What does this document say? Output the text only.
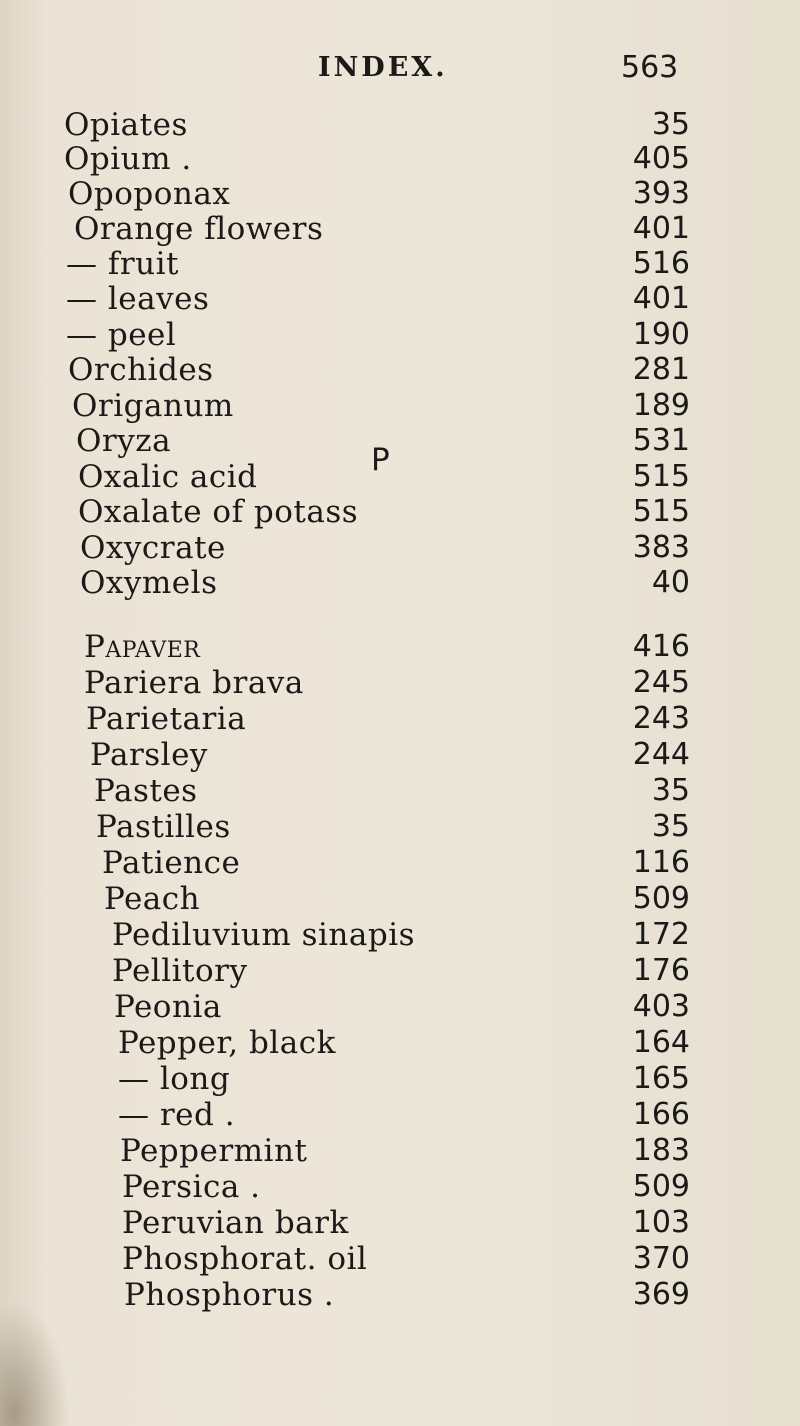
INDEX.	563
P
Opiates	35
Opium .	405
Opoponax	393
Orange flowers	401
— fruit	516
— leaves	401
— peel	190
Orchides	281
Origanum	189
Oryza	531
Oxalic acid	515
Oxalate of potass	515
Oxycrate	383
Oxymels	40
Papaver	416
Pariera brava	245
Parietaria	243
Parsley	244
Pastes	35
Pastilles	35
Patience	116
Peach	509
Pediluvium sinapis	172
Pellitory	176
Peonia	403
Pepper, black	164
— long	165
— red .	166
Peppermint	183
Persica .	509
Peruvian bark	103
Phosphorat. oil	370
Phosphorus .	369
